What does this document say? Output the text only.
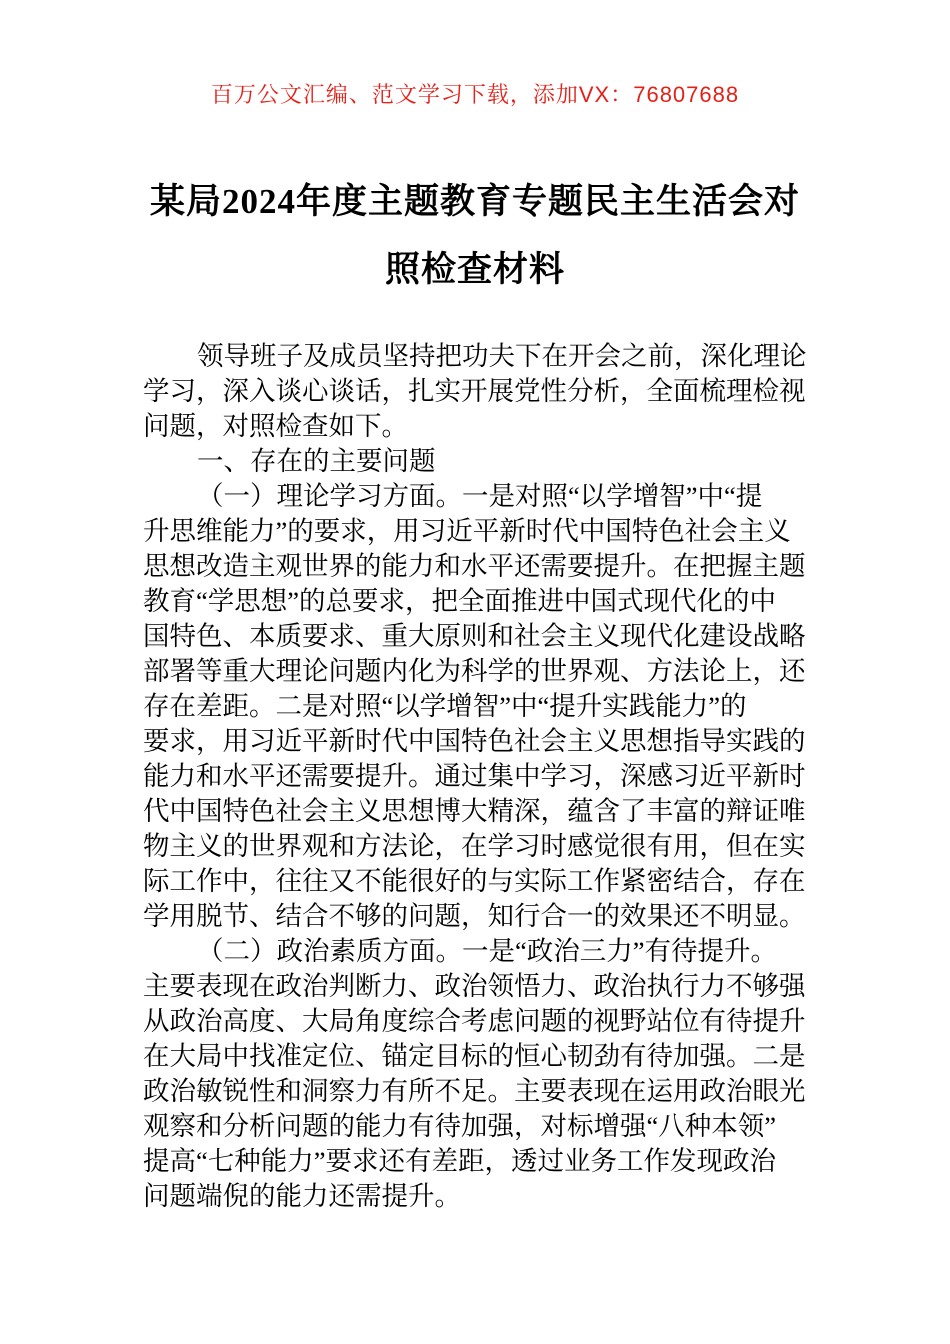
百万公文汇编、范文学习下载，添加VX：76807688
某局2024年度主题教育专题民主生活会对
照检查材料
领导班子及成员坚持把功夫下在开会之前，深化理论
学习，深入谈心谈话，扎实开展党性分析，全面梳理检视
问题，对照检查如下。
一、存在的主要问题
（一）理论学习方面。一是对照“以学增智”中“提
升思维能力”的要求，用习近平新时代中国特色社会主义
思想改造主观世界的能力和水平还需要提升。在把握主题
教育“学思想”的总要求，把全面推进中国式现代化的中
国特色、本质要求、重大原则和社会主义现代化建设战略
部署等重大理论问题内化为科学的世界观、方法论上，还
存在差距。二是对照“以学增智”中“提升实践能力”的
要求，用习近平新时代中国特色社会主义思想指导实践的
能力和水平还需要提升。通过集中学习，深感习近平新时
代中国特色社会主义思想博大精深，蕴含了丰富的辩证唯
物主义的世界观和方法论，在学习时感觉很有用，但在实
际工作中，往往又不能很好的与实际工作紧密结合，存在
学用脱节、结合不够的问题，知行合一的效果还不明显。
（二）政治素质方面。一是“政治三力”有待提升。
主要表现在政治判断力、政治领悟力、政治执行力不够强
从政治高度、大局角度综合考虑问题的视野站位有待提升
在大局中找准定位、锚定目标的恒心韧劲有待加强。二是
政治敏锐性和洞察力有所不足。主要表现在运用政治眼光
观察和分析问题的能力有待加强，对标增强“八种本领”
提高“七种能力”要求还有差距，透过业务工作发现政治
问题端倪的能力还需提升。
